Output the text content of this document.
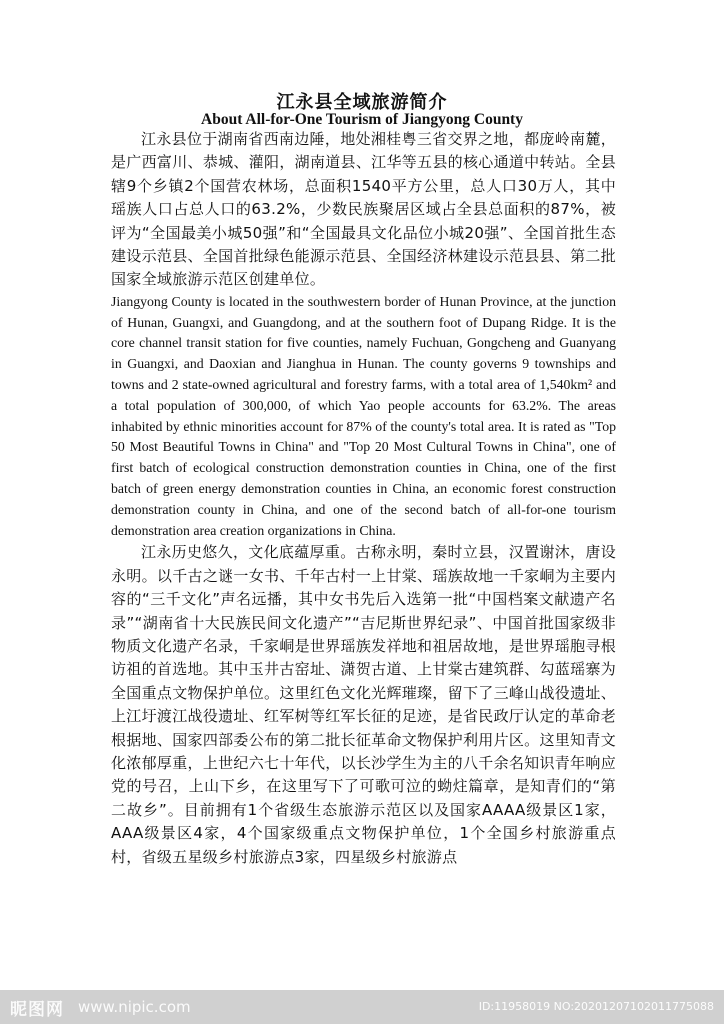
江永县全域旅游简介
About All-for-One Tourism of Jiangyong County

江永县位于湖南省西南边陲，地处湘桂粤三省交界之地，都庞岭南麓，是广西富川、恭城、灌阳，湖南道县、江华等五县的核心通道中转站。全县辖9个乡镇2个国营农林场，总面积1540平方公里，总人口30万人，其中瑶族人口占总人口的63.2%，少数民族聚居区域占全县总面积的87%，被评为“全国最美小城50强”和“全国最具文化品位小城20强”、全国首批生态建设示范县、全国首批绿色能源示范县、全国经济林建设示范县县、第二批国家全域旅游示范区创建单位。

Jiangyong County is located in the southwestern border of Hunan Province, at the junction of Hunan, Guangxi, and Guangdong, and at the southern foot of Dupang Ridge. It is the core channel transit station for five counties, namely Fuchuan, Gongcheng and Guanyang in Guangxi, and Daoxian and Jianghua in Hunan. The county governs 9 townships and towns and 2 state-owned agricultural and forestry farms, with a total area of 1,540km² and a total population of 300,000, of which Yao people accounts for 63.2%. The areas inhabited by ethnic minorities account for 87% of the county's total area. It is rated as "Top 50 Most Beautiful Towns in China" and "Top 20 Most Cultural Towns in China", one of first batch of ecological construction demonstration counties in China, one of the first batch of green energy demonstration counties in China, an economic forest construction demonstration county in China, and one of the second batch of all-for-one tourism demonstration area creation organizations in China.

江永历史悠久，文化底蕴厚重。古称永明，秦时立县，汉置谢沐，唐设永明。以千古之谜一女书、千年古村一上甘棠、瑶族故地一千家峒为主要内容的“三千文化”声名远播，其中女书先后入选第一批“中国档案文献遗产名录”“湖南省十大民族民间文化遗产”“吉尼斯世界纪录”、中国首批国家级非物质文化遗产名录，千家峒是世界瑶族发祥地和祖居故地，是世界瑶胞寻根访祖的首选地。其中玉井古窑址、潇贺古道、上甘棠古建筑群、勾蓝瑶寨为全国重点文物保护单位。这里红色文化光辉璀璨，留下了三峰山战役遗址、上江圩渡江战役遗址、红军树等红军长征的足迹，是省民政厅认定的革命老根据地、国家四部委公布的第二批长征革命文物保护利用片区。这里知青文化浓郁厚重，上世纪六七十年代，以长沙学生为主的八千余名知识青年响应党的号召，上山下乡，在这里写下了可歌可泣的蚴炷篇章，是知青们的“第二故乡”。目前拥有1个省级生态旅游示范区以及国家AAAA级景区1家，AAA级景区4家，4个国家级重点文物保护单位，1个全国乡村旅游重点村，省级五星级乡村旅游点3家，四星级乡村旅游点

昵图网 www.nipic.com	ID:11958019 NO:20201207102011775088
